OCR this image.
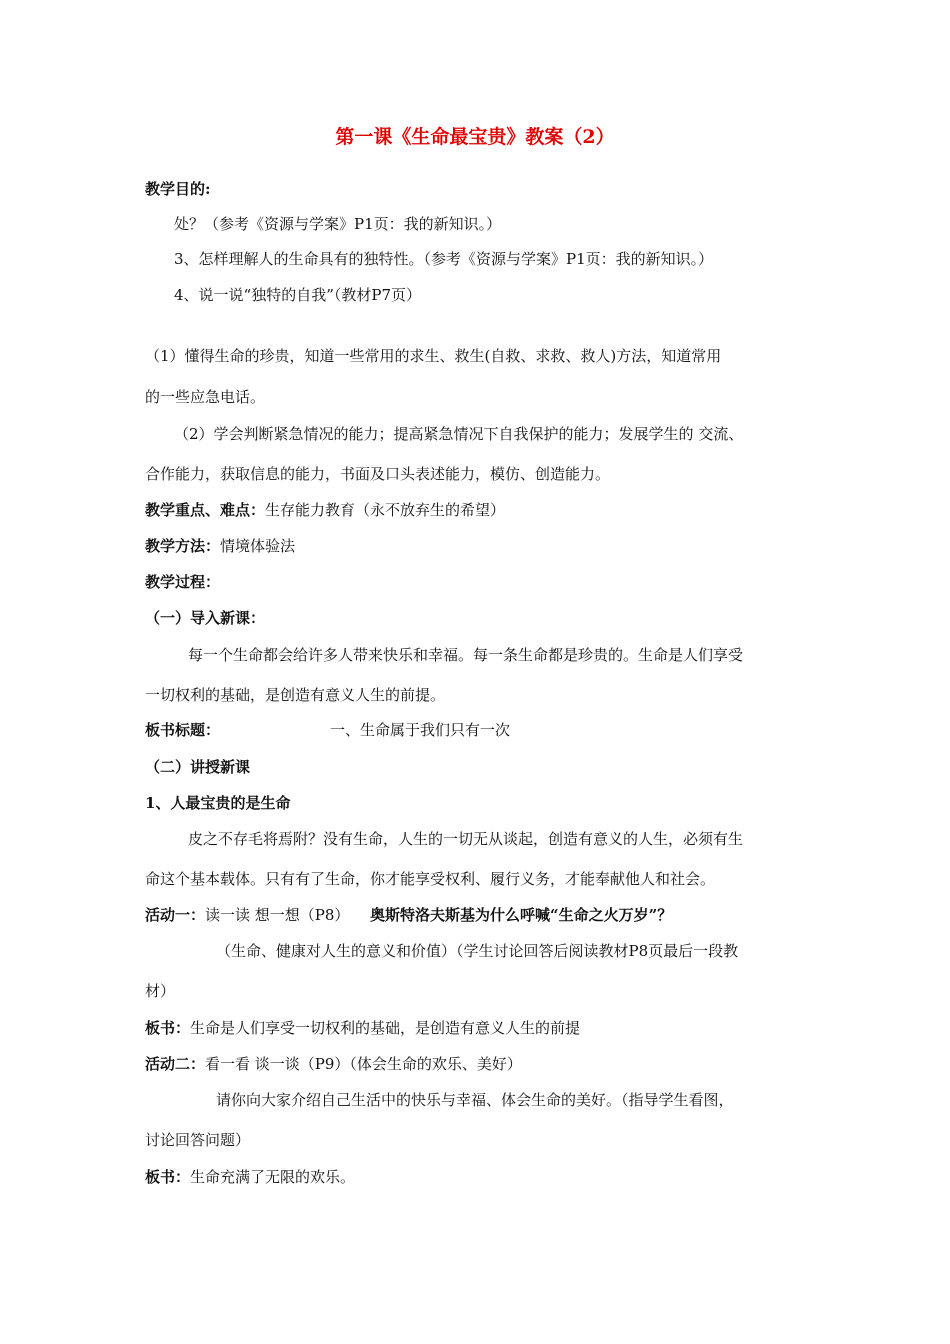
第一课《生命最宝贵》教案（2）
教学目的:
处？（参考《资源与学案》P1页：我的新知识。）
3、怎样理解人的生命具有的独特性。（参考《资源与学案》P1页：我的新知识。）
4、说一说“独特的自我”（教材P7页）
（1）懂得生命的珍贵，知道一些常用的求生、救生(自救、求救、救人)方法，知道常用
的一些应急电话。
（2）学会判断紧急情况的能力；提高紧急情况下自我保护的能力；发展学生的 交流、
合作能力，获取信息的能力，书面及口头表述能力，模仿、创造能力。
教学重点、难点：生存能力教育（永不放弃生的希望）
教学方法：情境体验法
教学过程：
（一）导入新课：
每一个生命都会给许多人带来快乐和幸福。每一条生命都是珍贵的。生命是人们享受
一切权利的基础，是创造有意义人生的前提。
板书标题：	一、生命属于我们只有一次
（二）讲授新课
1、人最宝贵的是生命
皮之不存毛将焉附？没有生命，人生的一切无从谈起，创造有意义的人生，必须有生
命这个基本载体。只有有了生命，你才能享受权利、履行义务，才能奉献他人和社会。
活动一：读一读 想一想（P8） 奥斯特洛夫斯基为什么呼喊“生命之火万岁”？
（生命、健康对人生的意义和价值）（学生讨论回答后阅读教材P8页最后一段教
材）
板书：生命是人们享受一切权利的基础，是创造有意义人生的前提
活动二：看一看 谈一谈（P9）（体会生命的欢乐、美好）
请你向大家介绍自己生活中的快乐与幸福、体会生命的美好。（指导学生看图，
讨论回答问题）
板书：生命充满了无限的欢乐。
